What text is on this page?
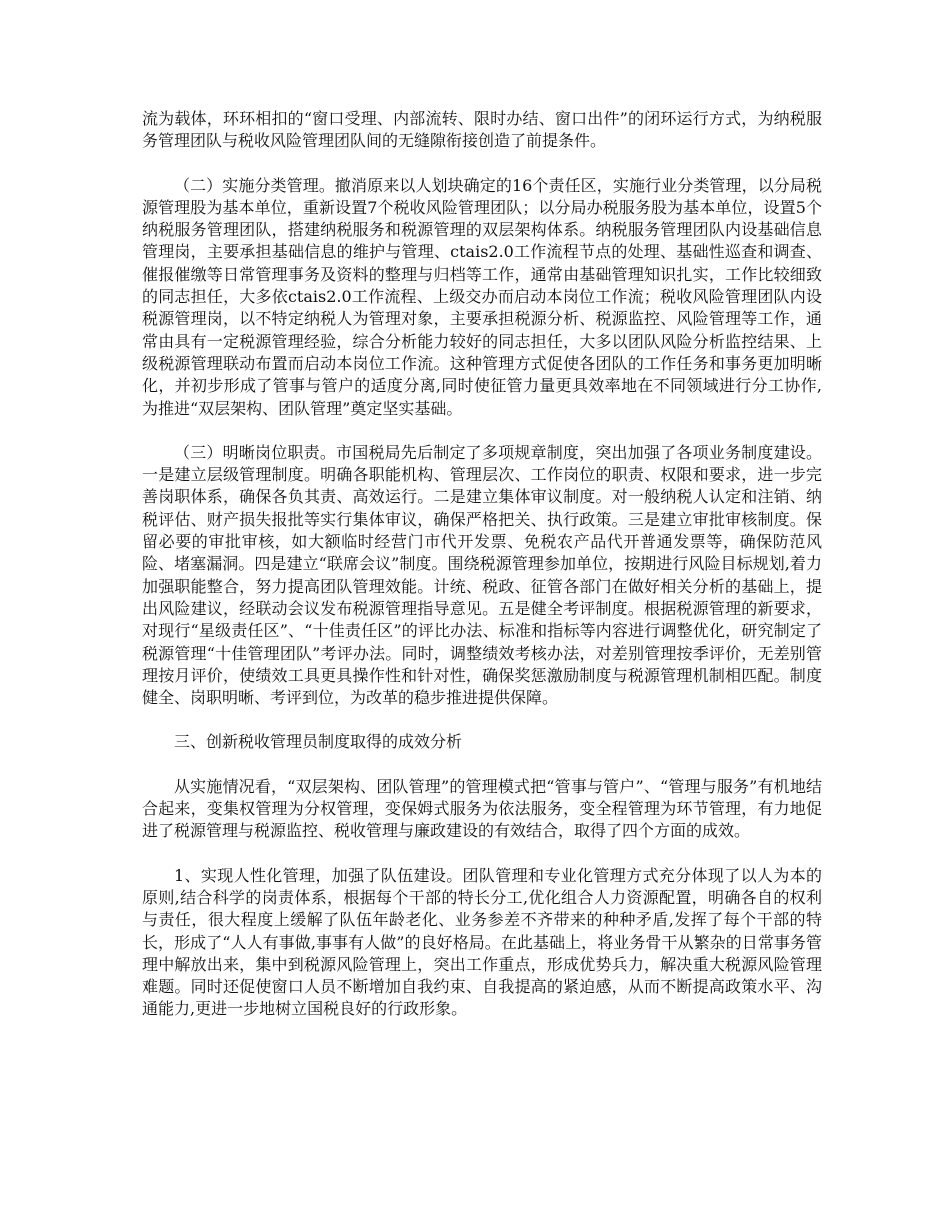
流为载体，环环相扣的“窗口受理、内部流转、限时办结、窗口出件”的闭环运行方式，为纳税服务管理团队与税收风险管理团队间的无缝隙衔接创造了前提条件。

（二）实施分类管理。撤消原来以人划块确定的16个责任区，实施行业分类管理，以分局税源管理股为基本单位，重新设置7个税收风险管理团队；以分局办税服务股为基本单位，设置5个纳税服务管理团队，搭建纳税服务和税源管理的双层架构体系。纳税服务管理团队内设基础信息管理岗，主要承担基础信息的维护与管理、ctais2.0工作流程节点的处理、基础性巡查和调查、催报催缴等日常管理事务及资料的整理与归档等工作，通常由基础管理知识扎实，工作比较细致的同志担任，大多依ctais2.0工作流程、上级交办而启动本岗位工作流；税收风险管理团队内设税源管理岗，以不特定纳税人为管理对象，主要承担税源分析、税源监控、风险管理等工作，通常由具有一定税源管理经验，综合分析能力较好的同志担任，大多以团队风险分析监控结果、上级税源管理联动布置而启动本岗位工作流。这种管理方式促使各团队的工作任务和事务更加明晰化，并初步形成了管事与管户的适度分离,同时使征管力量更具效率地在不同领域进行分工协作,为推进“双层架构、团队管理”奠定坚实基础。

（三）明晰岗位职责。市国税局先后制定了多项规章制度，突出加强了各项业务制度建设。一是建立层级管理制度。明确各职能机构、管理层次、工作岗位的职责、权限和要求，进一步完善岗职体系，确保各负其责、高效运行。二是建立集体审议制度。对一般纳税人认定和注销、纳税评估、财产损失报批等实行集体审议，确保严格把关、执行政策。三是建立审批审核制度。保留必要的审批审核，如大额临时经营门市代开发票、免税农产品代开普通发票等，确保防范风险、堵塞漏洞。四是建立“联席会议”制度。围绕税源管理参加单位，按期进行风险目标规划,着力加强职能整合，努力提高团队管理效能。计统、税政、征管各部门在做好相关分析的基础上，提出风险建议，经联动会议发布税源管理指导意见。五是健全考评制度。根据税源管理的新要求，对现行“星级责任区”、“十佳责任区”的评比办法、标准和指标等内容进行调整优化，研究制定了税源管理“十佳管理团队”考评办法。同时，调整绩效考核办法，对差别管理按季评价，无差别管理按月评价，使绩效工具更具操作性和针对性，确保奖惩激励制度与税源管理机制相匹配。制度健全、岗职明晰、考评到位，为改革的稳步推进提供保障。

三、创新税收管理员制度取得的成效分析

从实施情况看，“双层架构、团队管理”的管理模式把“管事与管户”、“管理与服务”有机地结合起来，变集权管理为分权管理，变保姆式服务为依法服务，变全程管理为环节管理，有力地促进了税源管理与税源监控、税收管理与廉政建设的有效结合，取得了四个方面的成效。

1、实现人性化管理，加强了队伍建设。团队管理和专业化管理方式充分体现了以人为本的原则,结合科学的岗责体系，根据每个干部的特长分工,优化组合人力资源配置，明确各自的权利与责任，很大程度上缓解了队伍年龄老化、业务参差不齐带来的种种矛盾,发挥了每个干部的特长，形成了“人人有事做,事事有人做”的良好格局。在此基础上，将业务骨干从繁杂的日常事务管理中解放出来，集中到税源风险管理上，突出工作重点，形成优势兵力，解决重大税源风险管理难题。同时还促使窗口人员不断增加自我约束、自我提高的紧迫感，从而不断提高政策水平、沟通能力,更进一步地树立国税良好的行政形象。
